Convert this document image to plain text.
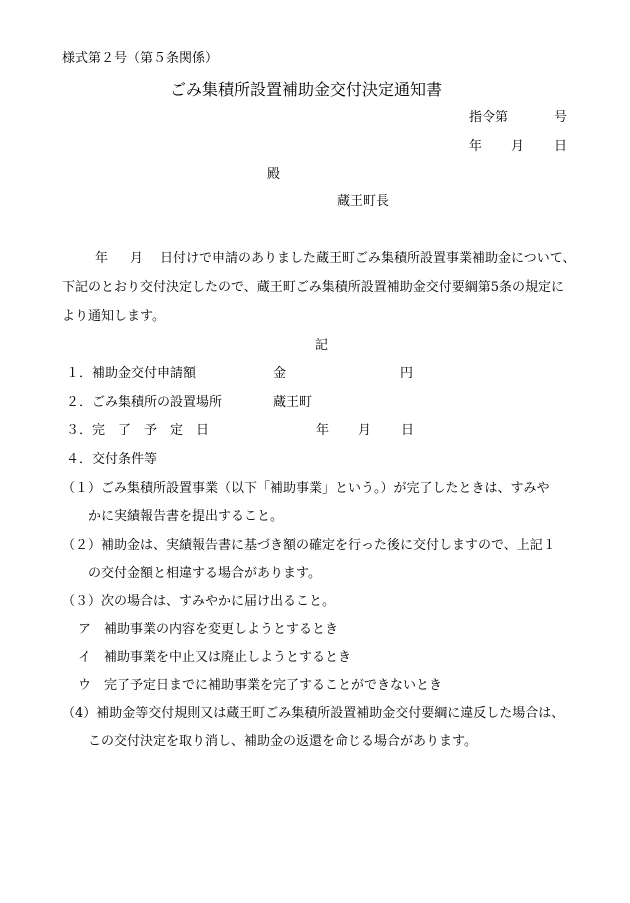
様式第２号（第５条関係）
ごみ集積所設置補助金交付決定通知書
指令第	号
年 月 日
殿
蔵王町長
年 月 日付けで申請のありました蔵王町ごみ集積所設置事業補助金について、
下記のとおり交付決定したので、蔵王町ごみ集積所設置補助金交付要綱第5条の規定に
より通知します。
記
１．補助金交付申請額	金	円
２．ごみ集積所の設置場所	蔵王町
３．完　了　予　定　日	年 月 日
４．交付条件等
（１）ごみ集積所設置事業（以下「補助事業」という。）が完了したときは、すみや
かに実績報告書を提出すること。
（２）補助金は、実績報告書に基づき額の確定を行った後に交付しますので、上記１
の交付金額と相違する場合があります。
（３）次の場合は、すみやかに届け出ること。
ア　補助事業の内容を変更しようとするとき
イ　補助事業を中止又は廃止しようとするとき
ウ　完了予定日までに補助事業を完了することができないとき
（4）補助金等交付規則又は蔵王町ごみ集積所設置補助金交付要綱に違反した場合は、
この交付決定を取り消し、補助金の返還を命じる場合があります。
